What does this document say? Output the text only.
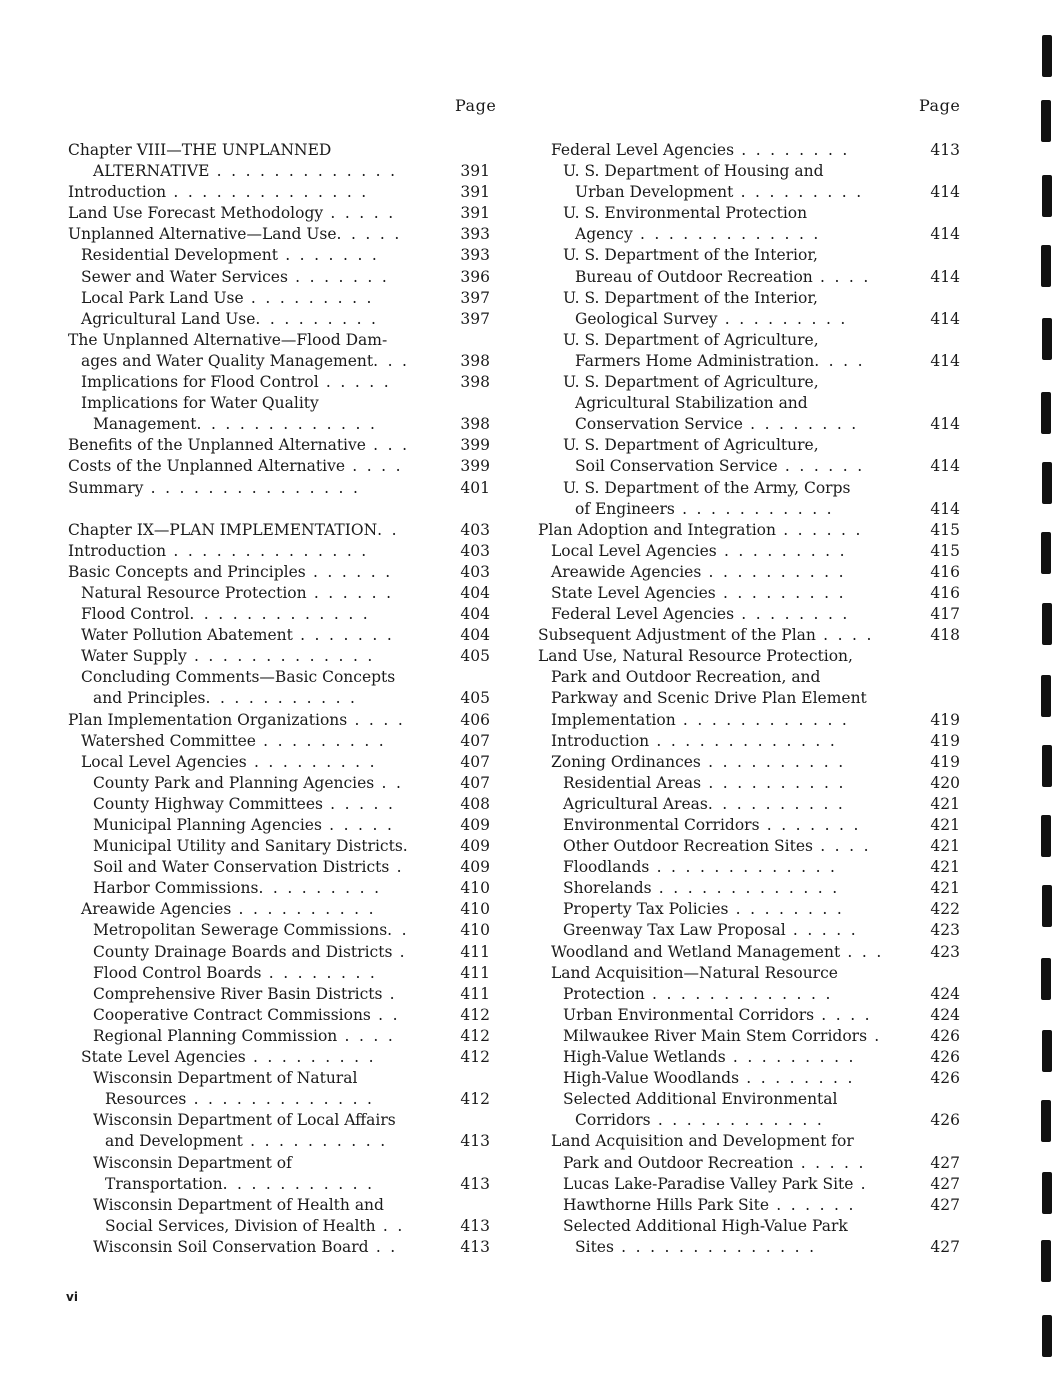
Page	Page
Chapter VIII—THE UNPLANNED
ALTERNATIVE . . . . . . . . . . . . .	391
Introduction . . . . . . . . . . . . . .	391
Land Use Forecast Methodology . . . . .	391
Unplanned Alternative—Land Use. . . . .	393
Residential Development . . . . . . .	393
Sewer and Water Services . . . . . . .	396
Local Park Land Use . . . . . . . . .	397
Agricultural Land Use. . . . . . . . .	397
The Unplanned Alternative—Flood Dam-
ages and Water Quality Management. . .	398
Implications for Flood Control . . . . .	398
Implications for Water Quality
Management. . . . . . . . . . . . .	398
Benefits of the Unplanned Alternative . . .	399
Costs of the Unplanned Alternative . . . .	399
Summary . . . . . . . . . . . . . . .	401
Chapter IX—PLAN IMPLEMENTATION. .	403
Introduction . . . . . . . . . . . . . .	403
Basic Concepts and Principles . . . . . .	403
Natural Resource Protection . . . . . .	404
Flood Control. . . . . . . . . . . . .	404
Water Pollution Abatement . . . . . . .	404
Water Supply . . . . . . . . . . . . .	405
Concluding Comments—Basic Concepts
and Principles. . . . . . . . . . .	405
Plan Implementation Organizations . . . .	406
Watershed Committee . . . . . . . . .	407
Local Level Agencies . . . . . . . . .	407
County Park and Planning Agencies . .	407
County Highway Committees . . . . .	408
Municipal Planning Agencies . . . . .	409
Municipal Utility and Sanitary Districts.	409
Soil and Water Conservation Districts .	409
Harbor Commissions. . . . . . . . .	410
Areawide Agencies . . . . . . . . . .	410
Metropolitan Sewerage Commissions. .	410
County Drainage Boards and Districts .	411
Flood Control Boards . . . . . . . .	411
Comprehensive River Basin Districts .	411
Cooperative Contract Commissions . .	412
Regional Planning Commission . . . .	412
State Level Agencies . . . . . . . . .	412
Wisconsin Department of Natural
Resources . . . . . . . . . . . . .	412
Wisconsin Department of Local Affairs
and Development . . . . . . . . . .	413
Wisconsin Department of
Transportation. . . . . . . . . . .	413
Wisconsin Department of Health and
Social Services, Division of Health . .	413
Wisconsin Soil Conservation Board . .	413
Federal Level Agencies . . . . . . . .	413
U. S. Department of Housing and
Urban Development . . . . . . . . .	414
U. S. Environmental Protection
Agency . . . . . . . . . . . . .	414
U. S. Department of the Interior,
Bureau of Outdoor Recreation . . . .	414
U. S. Department of the Interior,
Geological Survey . . . . . . . . .	414
U. S. Department of Agriculture,
Farmers Home Administration. . . .	414
U. S. Department of Agriculture,
Agricultural Stabilization and
Conservation Service . . . . . . . .	414
U. S. Department of Agriculture,
Soil Conservation Service . . . . . .	414
U. S. Department of the Army, Corps
of Engineers . . . . . . . . . . .	414
Plan Adoption and Integration . . . . . .	415
Local Level Agencies . . . . . . . . .	415
Areawide Agencies . . . . . . . . . .	416
State Level Agencies . . . . . . . . .	416
Federal Level Agencies . . . . . . . .	417
Subsequent Adjustment of the Plan . . . .	418
Land Use, Natural Resource Protection,
Park and Outdoor Recreation, and
Parkway and Scenic Drive Plan Element
Implementation . . . . . . . . . . . .	419
Introduction . . . . . . . . . . . . .	419
Zoning Ordinances . . . . . . . . . .	419
Residential Areas . . . . . . . . . .	420
Agricultural Areas. . . . . . . . . .	421
Environmental Corridors . . . . . . .	421
Other Outdoor Recreation Sites . . . .	421
Floodlands . . . . . . . . . . . . .	421
Shorelands . . . . . . . . . . . . .	421
Property Tax Policies . . . . . . . .	422
Greenway Tax Law Proposal . . . . .	423
Woodland and Wetland Management . . .	423
Land Acquisition—Natural Resource
Protection . . . . . . . . . . . . .	424
Urban Environmental Corridors . . . .	424
Milwaukee River Main Stem Corridors .	426
High-Value Wetlands . . . . . . . . .	426
High-Value Woodlands . . . . . . . .	426
Selected Additional Environmental
Corridors . . . . . . . . . . . .	426
Land Acquisition and Development for
Park and Outdoor Recreation . . . . .	427
Lucas Lake-Paradise Valley Park Site .	427
Hawthorne Hills Park Site . . . . . .	427
Selected Additional High-Value Park
Sites . . . . . . . . . . . . . .	427
vi
